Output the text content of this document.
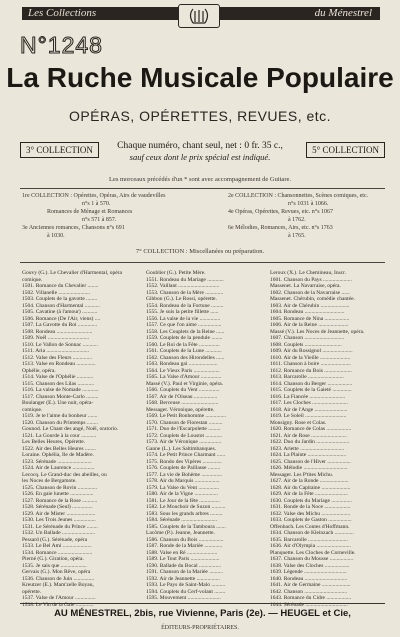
Les Collections	du Ménestrel
N°1248
La Ruche Musicale Populaire
OPÉRAS, OPÉRETTES, REVUES, etc.
3° COLLECTION	Chaque numéro, chant seul, net : 0 fr. 35 c.,
sauf ceux dont le prix spécial est indiqué.
5° COLLECTION
Les morceaux précédés d'un * sont avec accompagnement de Guitare.
1re COLLECTION : Opérettes, Opéras, Airs de vaudevilles
n°s 1 à 570.
Romances de Ménage et Romances
n°s 571 à 857.
3e Anciennes romances, Chansons n°s 691
à 1030.
2e COLLECTION : Chansonnettes, Scènes comiques, etc.
n°s 1031 à 1066.
4e Opéras, Opérettes, Revues, etc. n°s 1067
à 1762.
6e Mélodies, Romances, Airs, etc. n°s 1763
à 1765.
7° COLLECTION : Miscellanées ou préparation.
Gouvy (G.). Le Chevalier d'Harmental, opéra
comique.
1501. Romance du Chevalier ........
1502. Villanelle .......................
1503. Couplets de la gavotte ........
1504. Chanson d'Harmental ...........
1505. Cavatine (à l'amour) ...........
1506. Romance (De l'Air, viens) ....
1507. La Gavotte du Roi ..............
1508. Rondeau ..........................
1509. Noël ..............................
1510. Le Vallon de Sonnac ...........
1511. Aria ...............................
1512. Valse des Fleurs ..............
1513. Valse en Rondeau ..............
Ophélie, opéra.
1514. Valse de l'Ophélie ............
1515. Chanson des Lilas ............
1516. La valse de Nomade ............
1517. Chanson Monte-Carlo .........
Boulanger (E.). Une nuit, opéra-
comique.
1519. Je te l'aime du bonheur .......
1520. Chanson du Printemps ........
Gounod. Le Chant des angé, Noël, oratorio.
1521. La Gourde à la cour ...........
Les Belles Heures, Opérette.
1522. Air des Belles Heures ........
Loraine. Ophélia, Ile de Madère.
1523. Sérénade .........................
1524. Air de Laurence ................
Lecocq. Le Grand-duc des abeilles, ou
les Noces de Bergamote.
1525. Chanson de Rovin ..............
1526. En gaie lunette .................
1527. Romance de la Rose ...........
1528. Sérénade (Seul) ...............
1529. Air de Mister .....................
1530. Les Trois Jeunes ................
1531. Le Sérénade du Prince ........
1532. Un Ballade ........................
Pessard (G.). Sérénade, opéra
1533. Le Bel Ami .....................
1534. Romance .........................
Pierné (G.). Giration, opéra.
1535. Je sais que ...................
Gervais (G.). Mon Rêve, opéra
1536. Chanson de Juin ...............
Kreutzer (E.). Mam'zelle Boyau,
opérette.
1537. Valse de l'Amour ...............
1538. Le Vin de la Gaie .............
Goublier (G.). Petite Mère.
1551. Rondeau du Mariage ............
1552. Vaillant ..............................
1553. Chanson de la Mère .............
Gibbon (G.). Le Rossi, opérette.
1554. Rondeau de la Fortune .........
1555. Je suis la petite fillette ......
1556. La valse de la vie ...............
1557. Ce que l'on aime .................
1558. Les Couplets de la Reine ......
1559. Couplets de la pendule ........
1560. Le Roi de la Fête ...............
1561. Couplets de la Lune ............
1562. Chanson des Hirondelles ......
1563. Rondeau gai .....................
1564. Le Vieux Paris ...................
1565. La Valse d'Amour ...............
Massé (V.). Paul et Virginie, opéra.
1566. Couplets du Vent ...............
1567. Air de l'Oiseau .................
1568. Berceuse ...........................
Messager. Véronique, opérette.
1569. Le Petit Bonhomme ...............
1570. Chanson de Florestan ..........
1571. Duo de l'Escarpolette .........
1572. Couplets de Loustot ............
1573. Air de Véronique ................
Ganne (L.). Les Saltimbanques.
1574. Le Petit Prince Charmant ......
1575. Rondo des Vipères ..............
1576. Couplets de Paillasse .........
1577. La vie de Bohème ...............
1578. Air du Marquis ..................
1579. La Valse du Vent ...............
1580. Air de la Vigne .................
1581. Le Jour de la fête ...............
1582. Le Mouchoir de Suzon ..........
1583. Sous les grands arbres .........
1584. Sérénade ..........................
1585. Couplets de la Tamboura .......
Lacôme (P.). Jeanne, Jeannette.
1586. Chanson du Bois ..................
1587. Ronde de la Mariée .............
1588. Valse en Ré ......................
1589. Le Tout Paris .....................
1590. Ballade du Bocal ................
1591. Chanson de la Mariée ..........
1592. Air de Jeannette .................
1593. Le Pays de Saint-Malo ..........
1594. Couplets du Cerf-volant ........
1595. Mouvement ........................
Leroux (X.). Le Chemineau, Inscr.
1601. Chanson du Pays .....................
Massenet. La Navarraise, opéra.
1602. Chanson de la Navarraise ......
Massenet. Chérubin, comédie chantée.
1603. Air de Chérubin .....................
1604. Rondeau .............................
1605. Romance de Nina ..................
1606. Air de la Reine ......................
Massé (V.). Les Noces de Jeannette, opéra.
1607. Chanson .............................
1608. Couplets ...........................
1609. Air du Rossignol ......................
1610. Air de la Vieille ......................
1611. Chanson à boire ......................
1612. Romance du Bois ....................
1613. Barcarolle ..........................
1614. Chanson du Berger ..................
1615. Couplets de la Gaieté ..............
1616. La Fiancée ..........................
1617. Les Cloches ..........................
1618. Air de l'Ange ........................
1619. Le Soleil ..............................
Monsigny. Rose et Colas.
1620. Romance de Colas ..................
1621. Air de Rose ..........................
1622. Duo du Jardin ........................
1623. Ariette ................................
1624. La Plainte ............................
1625. Chanson de l'Hiver .................
1626. Mélodie ................................
Messager. Les P'tites Michu.
1627. Air de la Ronde .....................
1628. Air du Capitaine .....................
1629. Air de la Fête ........................
1630. Couplets du Mariage ...............
1631. Ronde de la Noce ...................
1632. Valse des Michu .....................
1633. Couplets de Gaston .................
Offenbach. Les Contes d'Hoffmann.
1634. Chanson de Kleinzach ..............
1635. Barcarolle .............................
1636. Air d'Olympia .........................
Planquette. Les Cloches de Corneville.
1637. Chanson du Mousse .................
1638. Valse des Cloches ..................
1639. Légende ...............................
1640. Rondeau ...............................
1641. Air de Germaine .....................
1642. Chanson ...............................
1643. Romance du Cidre ..................
1644. Sérénade ...............................
AU MÉNESTREL, 2bis, rue Vivienne, Paris (2e). — HEUGEL et Cie,
ÉDITEURS-PROPRIÉTAIRES.
